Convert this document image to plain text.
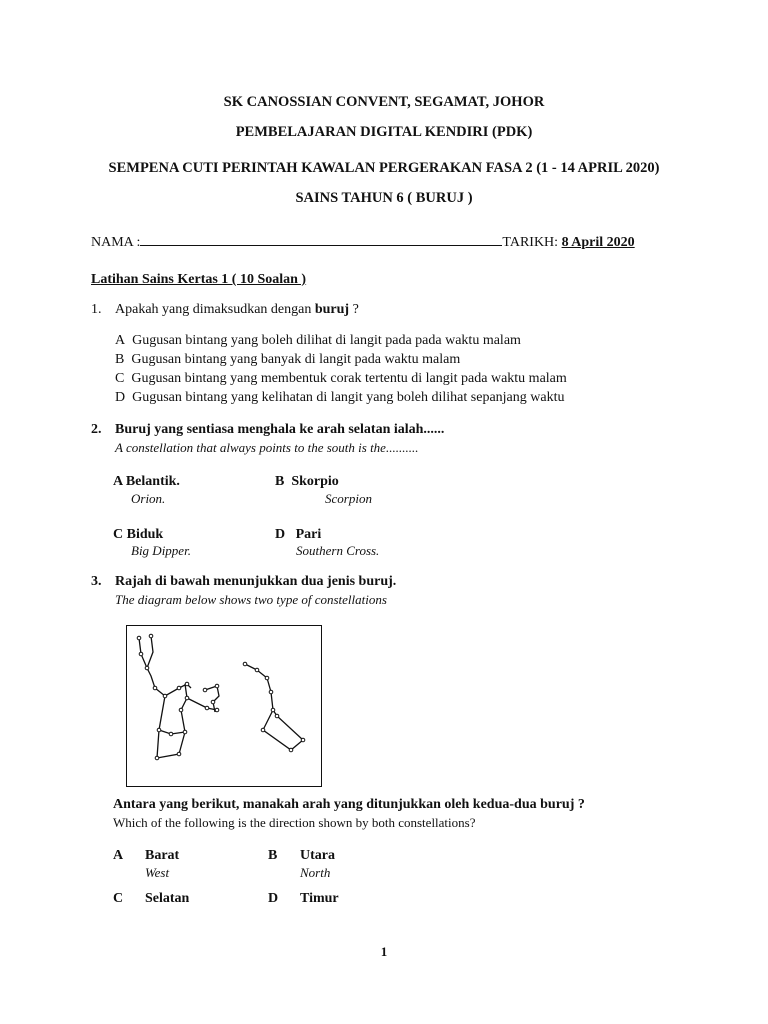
SK CANOSSIAN CONVENT, SEGAMAT, JOHOR
PEMBELAJARAN DIGITAL KENDIRI (PDK)
SEMPENA CUTI PERINTAH KAWALAN PERGERAKAN FASA 2 (1 - 14 APRIL 2020)
SAINS TAHUN 6 ( BURUJ )
NAMA :	TARIKH: 8 April 2020
Latihan Sains Kertas 1 ( 10 Soalan )
1. Apakah yang dimaksudkan dengan buruj ?
A Gugusan bintang yang boleh dilihat di langit pada pada waktu malam
B Gugusan bintang yang banyak di langit pada waktu malam
C Gugusan bintang yang membentuk corak tertentu di langit pada waktu malam
D Gugusan bintang yang kelihatan di langit yang boleh dilihat sepanjang waktu
2. Buruj yang sentiasa menghala ke arah selatan ialah......
A constellation that always points to the south is the..........
A Belantik.
Orion.
B Skorpio
Scorpion
C Biduk
Big Dipper.
D Pari
Southern Cross.
3. Rajah di bawah menunjukkan dua jenis buruj.
The diagram below shows two type of constellations
Antara yang berikut, manakah arah yang ditunjukkan oleh kedua-dua buruj ?
Which of the following is the direction shown by both constellations?
A Barat
West
B Utara
North
C Selatan	D Timur
1
